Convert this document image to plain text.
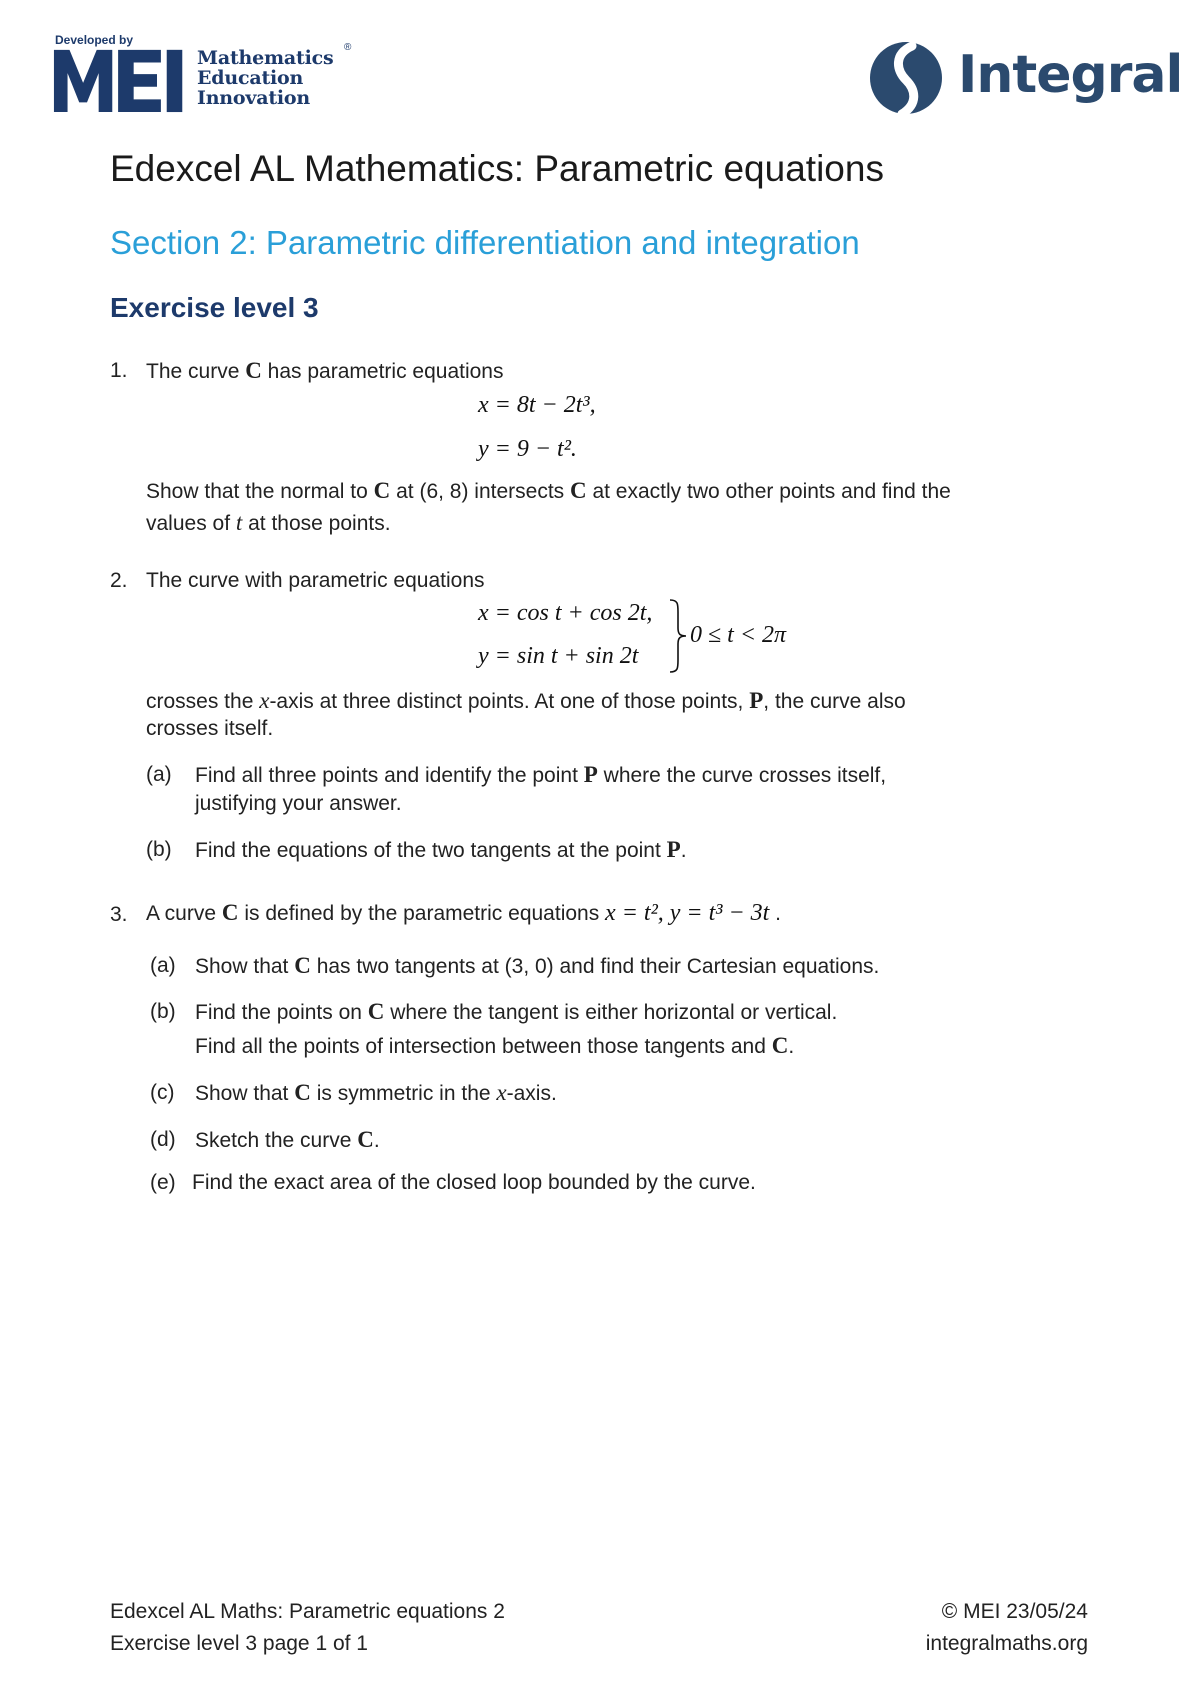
Developed by
Mathematics
Education
Innovation
®	Integral
Edexcel AL Mathematics: Parametric equations
Section 2: Parametric differentiation and integration
Exercise level 3
1. The curve C has parametric equations
x = 8t − 2t³,
y = 9 − t².
Show that the normal to C at (6, 8) intersects C at exactly two other points and find the
values of t at those points.
2. The curve with parametric equations
x = cos t + cos 2t,
y = sin t + sin 2t
0 ≤ t < 2π
crosses the x-axis at three distinct points. At one of those points, P, the curve also
crosses itself.
(a) Find all three points and identify the point P where the curve crosses itself,
justifying your answer.
(b) Find the equations of the two tangents at the point P.
3. A curve C is defined by the parametric equations x = t², y = t³ − 3t .
(a) Show that C has two tangents at (3, 0) and find their Cartesian equations.
(b) Find the points on C where the tangent is either horizontal or vertical.
Find all the points of intersection between those tangents and C.
(c) Show that C is symmetric in the x-axis.
(d) Sketch the curve C.
(e) Find the exact area of the closed loop bounded by the curve.
Edexcel AL Maths: Parametric equations 2
Exercise level 3 page 1 of 1
© MEI 23/05/24
integralmaths.org
